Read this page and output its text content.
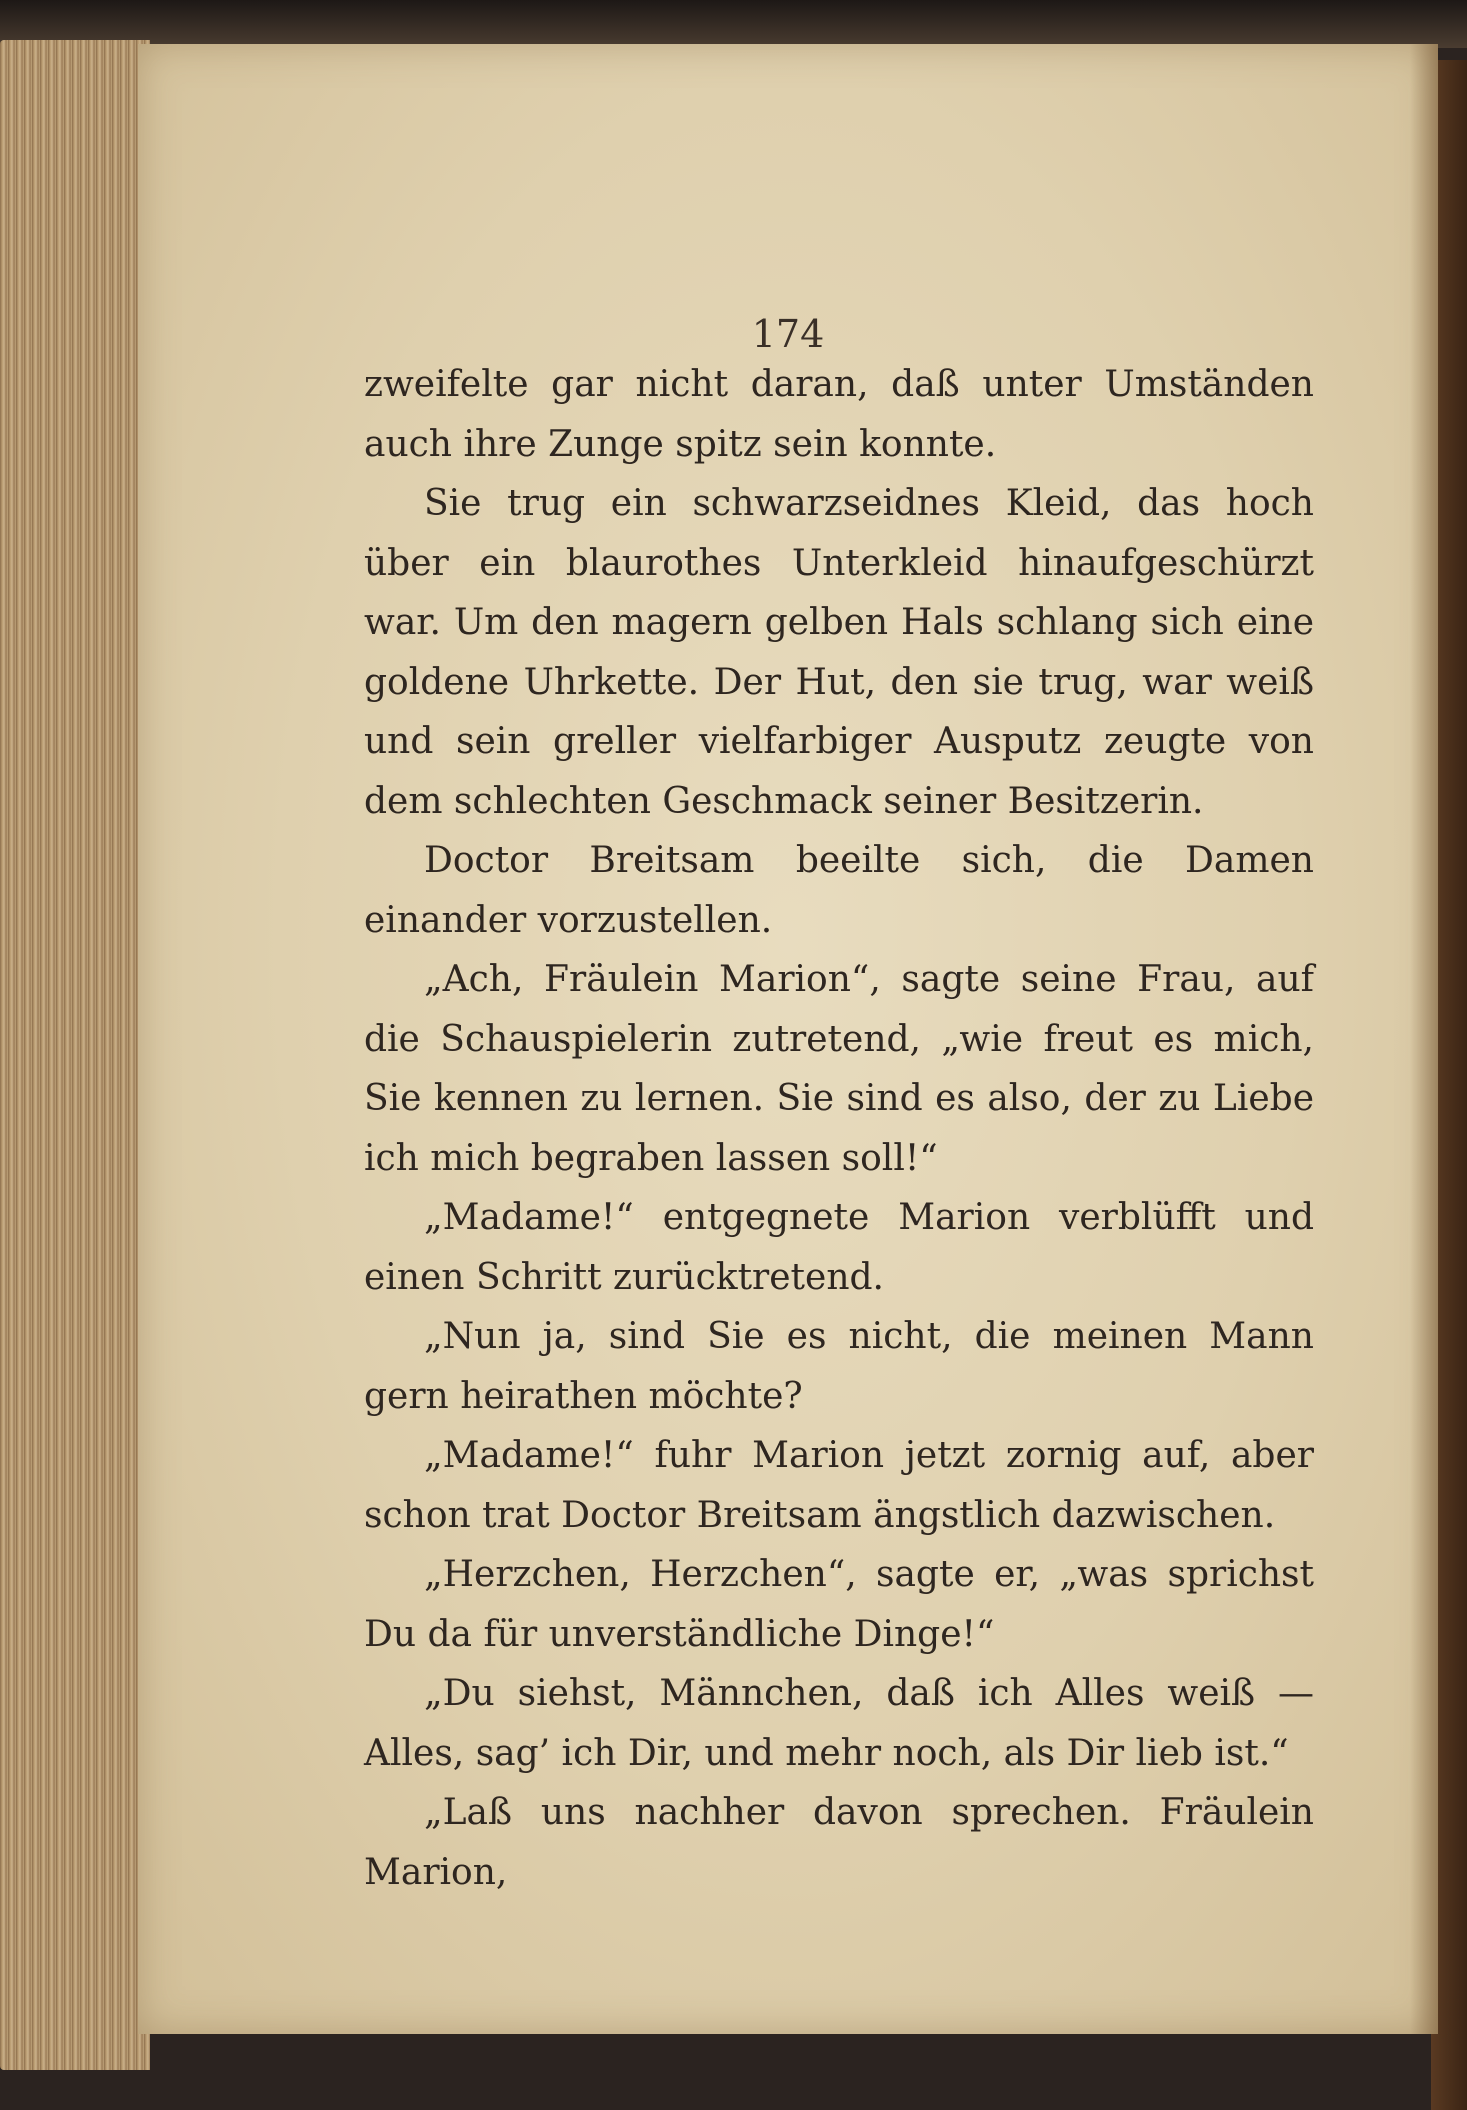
174

zweifelte gar nicht daran, daß unter Umständen auch ihre Zunge spitz sein konnte.

Sie trug ein schwarzseidnes Kleid, das hoch über ein blaurothes Unterkleid hinaufgeschürzt war. Um den magern gelben Hals schlang sich eine goldene Uhrkette. Der Hut, den sie trug, war weiß und sein greller vielfarbiger Ausputz zeugte von dem schlechten Geschmack seiner Besitzerin.

Doctor Breitsam beeilte sich, die Damen einander vorzustellen.

„Ach, Fräulein Marion“, sagte seine Frau, auf die Schauspielerin zutretend, „wie freut es mich, Sie kennen zu lernen. Sie sind es also, der zu Liebe ich mich begraben lassen soll!“

„Madame!“ entgegnete Marion verblüfft und einen Schritt zurücktretend.

„Nun ja, sind Sie es nicht, die meinen Mann gern heirathen möchte?

„Madame!“ fuhr Marion jetzt zornig auf, aber schon trat Doctor Breitsam ängstlich dazwischen.

„Herzchen, Herzchen“, sagte er, „was sprichst Du da für unverständliche Dinge!“

„Du siehst, Männchen, daß ich Alles weiß — Alles, sag’ ich Dir, und mehr noch, als Dir lieb ist.“

„Laß uns nachher davon sprechen. Fräulein Marion,
